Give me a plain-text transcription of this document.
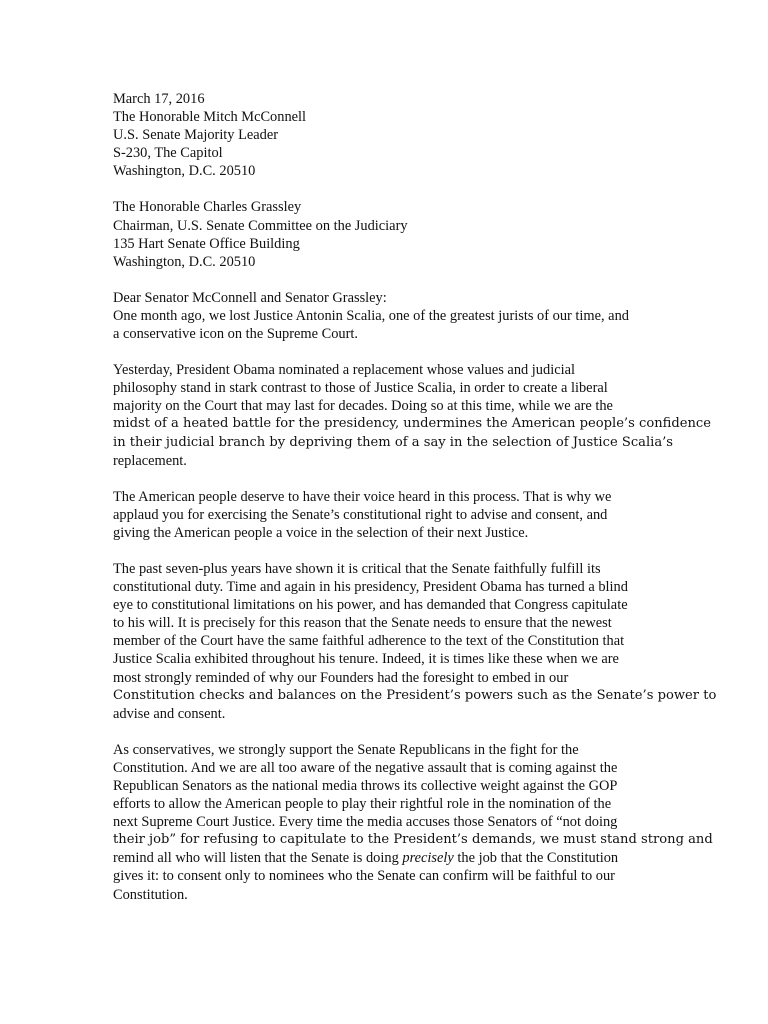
March 17, 2016

The Honorable Mitch McConnell

U.S. Senate Majority Leader

S-230, The Capitol

Washington, D.C. 20510

The Honorable Charles Grassley

Chairman, U.S. Senate Committee on the Judiciary

135 Hart Senate Office Building

Washington, D.C. 20510

Dear Senator McConnell and Senator Grassley:

One month ago, we lost Justice Antonin Scalia, one of the greatest jurists of our time, and

a conservative icon on the Supreme Court.

Yesterday, President Obama nominated a replacement whose values and judicial

philosophy stand in stark contrast to those of Justice Scalia, in order to create a liberal

majority on the Court that may last for decades. Doing so at this time, while we are the

midst of a heated battle for the presidency, undermines the American people’s confidence

in their judicial branch by depriving them of a say in the selection of Justice Scalia’s

replacement.

The American people deserve to have their voice heard in this process. That is why we

applaud you for exercising the Senate’s constitutional right to advise and consent, and

giving the American people a voice in the selection of their next Justice.

The past seven-plus years have shown it is critical that the Senate faithfully fulfill its

constitutional duty. Time and again in his presidency, President Obama has turned a blind

eye to constitutional limitations on his power, and has demanded that Congress capitulate

to his will. It is precisely for this reason that the Senate needs to ensure that the newest

member of the Court have the same faithful adherence to the text of the Constitution that

Justice Scalia exhibited throughout his tenure. Indeed, it is times like these when we are

most strongly reminded of why our Founders had the foresight to embed in our

Constitution checks and balances on the President’s powers such as the Senate’s power to

advise and consent.

As conservatives, we strongly support the Senate Republicans in the fight for the

Constitution. And we are all too aware of the negative assault that is coming against the

Republican Senators as the national media throws its collective weight against the GOP

efforts to allow the American people to play their rightful role in the nomination of the

next Supreme Court Justice. Every time the media accuses those Senators of “not doing

their job” for refusing to capitulate to the President’s demands, we must stand strong and

remind all who will listen that the Senate is doing precisely the job that the Constitution

gives it: to consent only to nominees who the Senate can confirm will be faithful to our

Constitution.
